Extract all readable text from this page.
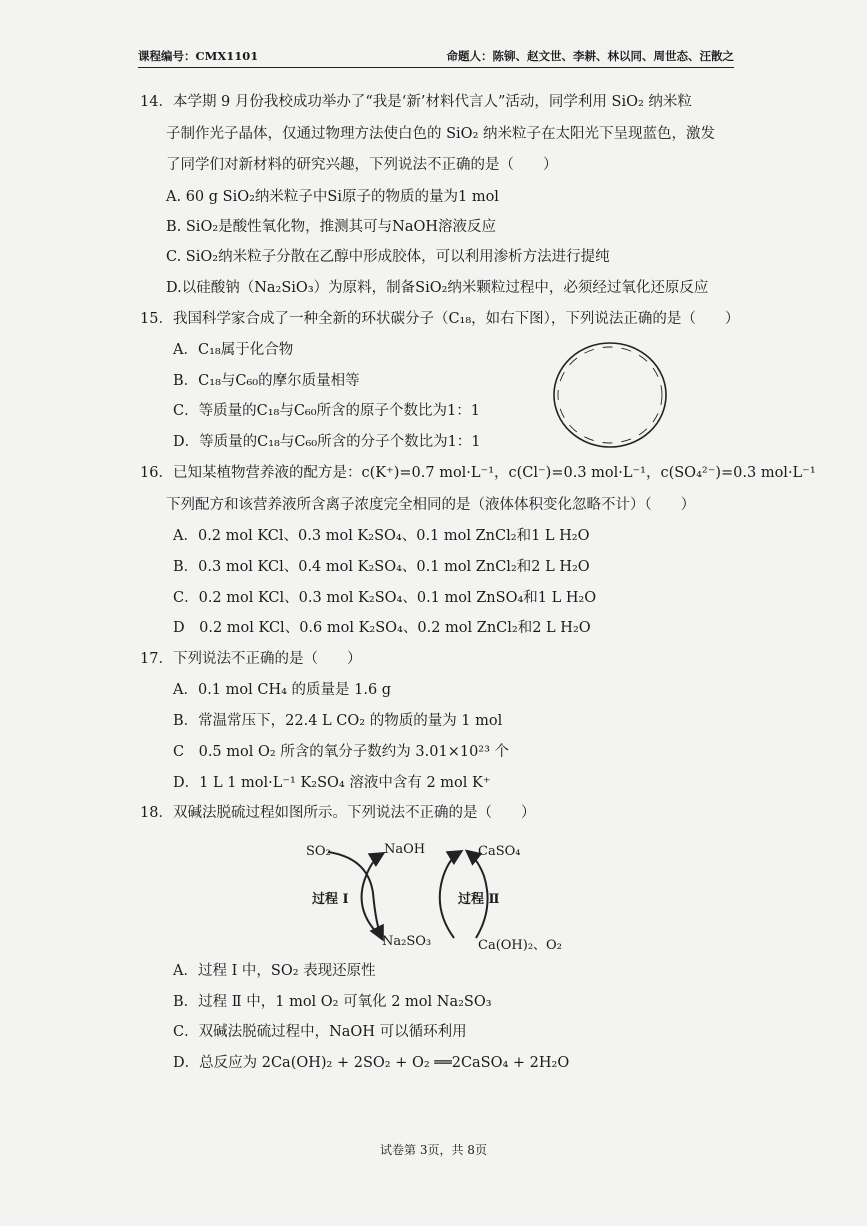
课程编号：CMX1101	命题人：陈铆、赵文世、李耕、林以同、周世态、汪散之
14．本学期 9 月份我校成功举办了“我是‘新’材料代言人”活动，同学利用 SiO₂ 纳米粒
子制作光子晶体，仅通过物理方法使白色的 SiO₂ 纳米粒子在太阳光下呈现蓝色，激发
了同学们对新材料的研究兴趣，下列说法不正确的是（　　）
A. 60 g SiO₂纳米粒子中Si原子的物质的量为1 mol
B. SiO₂是酸性氧化物，推测其可与NaOH溶液反应
C. SiO₂纳米粒子分散在乙醇中形成胶体，可以利用渗析方法进行提纯
D.以硅酸钠（Na₂SiO₃）为原料，制备SiO₂纳米颗粒过程中，必须经过氧化还原反应
15．我国科学家合成了一种全新的环状碳分子（C₁₈，如右下图），下列说法正确的是（　　）
A．C₁₈属于化合物
B．C₁₈与C₆₀的摩尔质量相等
C．等质量的C₁₈与C₆₀所含的原子个数比为1：1
D．等质量的C₁₈与C₆₀所含的分子个数比为1：1
16．已知某植物营养液的配方是：c(K⁺)=0.7 mol·L⁻¹，c(Cl⁻)=0.3 mol·L⁻¹，c(SO₄²⁻)=0.3 mol·L⁻¹
下列配方和该营养液所含离子浓度完全相同的是（液体体积变化忽略不计）（　　）
A．0.2 mol KCl、0.3 mol K₂SO₄、0.1 mol ZnCl₂和1 L H₂O
B．0.3 mol KCl、0.4 mol K₂SO₄、0.1 mol ZnCl₂和2 L H₂O
C．0.2 mol KCl、0.3 mol K₂SO₄、0.1 mol ZnSO₄和1 L H₂O
D　0.2 mol KCl、0.6 mol K₂SO₄、0.2 mol ZnCl₂和2 L H₂O
17．下列说法不正确的是（　　）
A．0.1 mol CH₄ 的质量是 1.6 g
B．常温常压下，22.4 L CO₂ 的物质的量为 1 mol
C　0.5 mol O₂ 所含的氧分子数约为 3.01×10²³ 个
D．1 L 1 mol·L⁻¹ K₂SO₄ 溶液中含有 2 mol K⁺
18．双碱法脱硫过程如图所示。下列说法不正确的是（　　）
SO₂	NaOH	CaSO₄
过程 Ⅰ	过程 Ⅱ
Na₂SO₃	Ca(OH)₂、O₂
A．过程 Ⅰ 中，SO₂ 表现还原性
B．过程 Ⅱ 中，1 mol O₂ 可氧化 2 mol Na₂SO₃
C．双碱法脱硫过程中，NaOH 可以循环利用
D．总反应为 2Ca(OH)₂ + 2SO₂ + O₂ ══2CaSO₄ + 2H₂O
试卷第 3页，共 8页
